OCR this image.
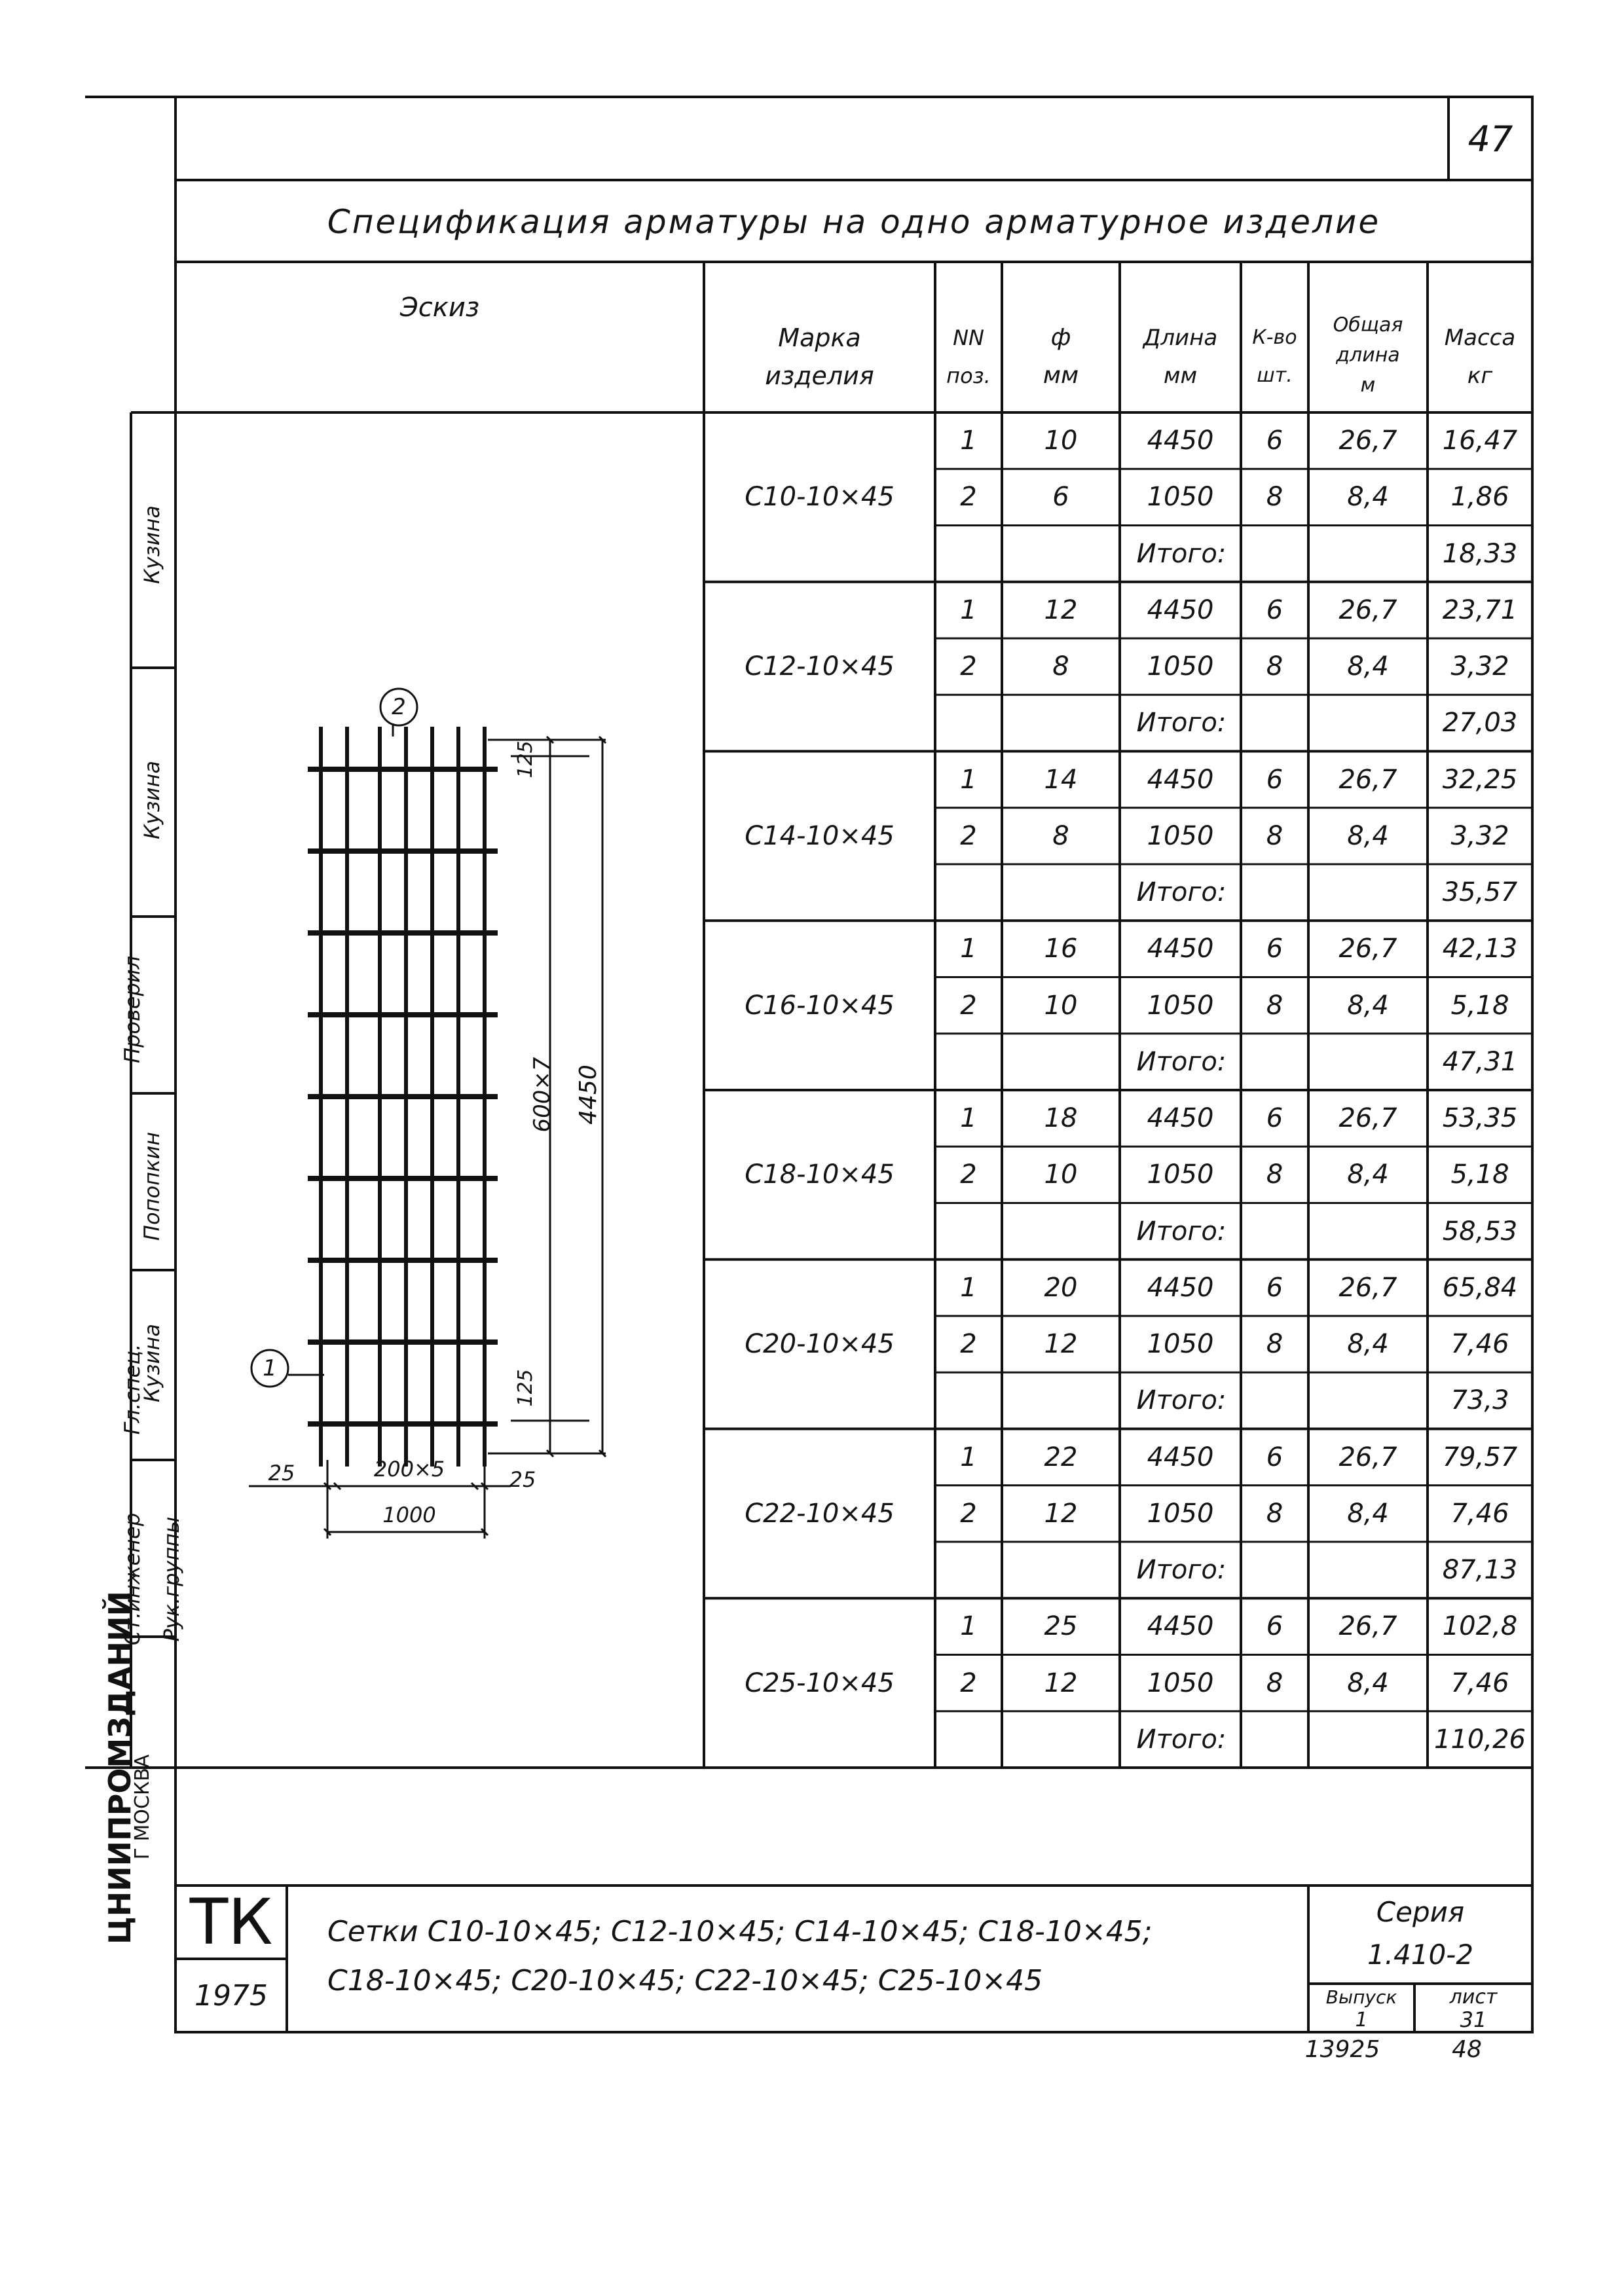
47
Спецификация арматуры на одно арматурное изделие
Эскиз
Марка
изделия
NN
поз.
ф
мм
Длина
мм
К-во
шт.
Общая
длина
м
Масса
кг
С10-10×45
1	10	4450	6	26,7	16,47
2	6	1050	8	8,4	1,86
Итого:	18,33
С12-10×45
1	12	4450	6	26,7	23,71
2	8	1050	8	8,4	3,32
Итого:	27,03
С14-10×45
1	14	4450	6	26,7	32,25
2	8	1050	8	8,4	3,32
Итого:	35,57
С16-10×45
1	16	4450	6	26,7	42,13
2	10	1050	8	8,4	5,18
Итого:	47,31
С18-10×45
1	18	4450	6	26,7	53,35
2	10	1050	8	8,4	5,18
Итого:	58,53
С20-10×45
1	20	4450	6	26,7	65,84
2	12	1050	8	8,4	7,46
Итого:	73,3
С22-10×45
1	22	4450	6	26,7	79,57
2	12	1050	8	8,4	7,46
Итого:	87,13
С25-10×45
1	25	4450	6	26,7	102,8
2	12	1050	8	8,4	7,46
Итого:	110,26
2
1
125
125
600×7 4450
25	25
200×5
1000
ЦНИИПРОМЗДАНИЙ
Г МОСКВА
Ст.инженер Рук.группы
Гл.спец.
Проверил
Попопкин
Кузина
Кузина
Кузина
ТК
1975
Сетки С10-10×45; С12-10×45; С14-10×45; С18-10×45;
С18-10×45; С20-10×45; С22-10×45; С25-10×45
Серия
1.410-2
Выпуск
1
лист
31
13925	48
